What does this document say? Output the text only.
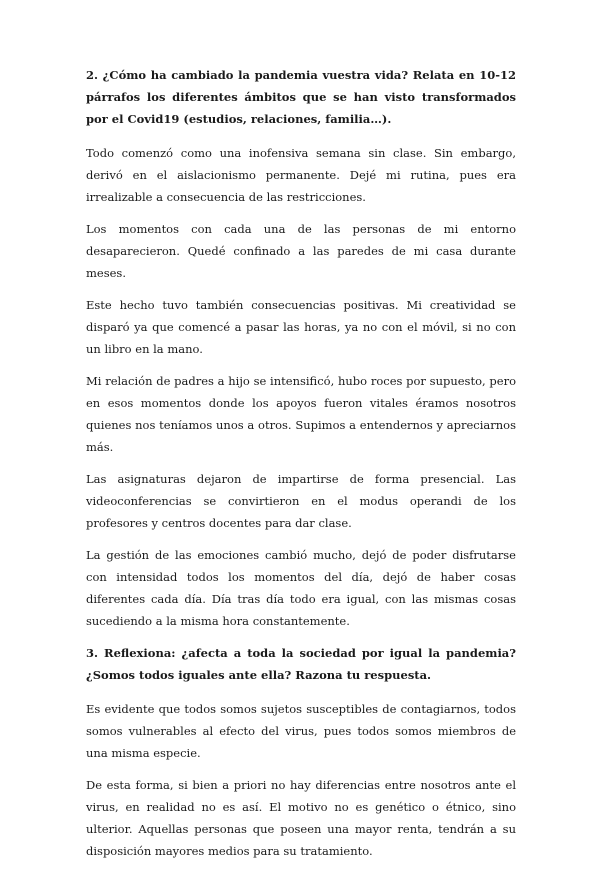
2. ¿Cómo ha cambiado la pandemia vuestra vida? Relata en 10-12 párrafos los diferentes ámbitos que se han visto transformados por el Covid19 (estudios, relaciones, familia…).

Todo comenzó como una inofensiva semana sin clase. Sin embargo, derivó en el aislacionismo permanente. Dejé mi rutina, pues era irrealizable a consecuencia de las restricciones.

Los momentos con cada una de las personas de mi entorno desaparecieron. Quedé confinado a las paredes de mi casa durante meses.

Este hecho tuvo también consecuencias positivas. Mi creatividad se disparó ya que comencé a pasar las horas, ya no con el móvil, si no con un libro en la mano.

Mi relación de padres a hijo se intensificó, hubo roces por supuesto, pero en esos momentos donde los apoyos fueron vitales éramos nosotros quienes nos teníamos unos a otros. Supimos a entendernos y apreciarnos más.

Las asignaturas dejaron de impartirse de forma presencial. Las videoconferencias se convirtieron en el modus operandi de los profesores y centros docentes para dar clase.

La gestión de las emociones cambió mucho, dejó de poder disfrutarse con intensidad todos los momentos del día, dejó de haber cosas diferentes cada día. Día tras día todo era igual, con las mismas cosas sucediendo a la misma hora constantemente.

3. Reflexiona: ¿afecta a toda la sociedad por igual la pandemia? ¿Somos todos iguales ante ella? Razona tu respuesta.

Es evidente que todos somos sujetos susceptibles de contagiarnos, todos somos vulnerables al efecto del virus, pues todos somos miembros de una misma especie.

De esta forma, si bien a priori no hay diferencias entre nosotros ante el virus, en realidad no es así. El motivo no es genético o étnico, sino ulterior. Aquellas personas que poseen una mayor renta, tendrán a su disposición mayores medios para su tratamiento.
